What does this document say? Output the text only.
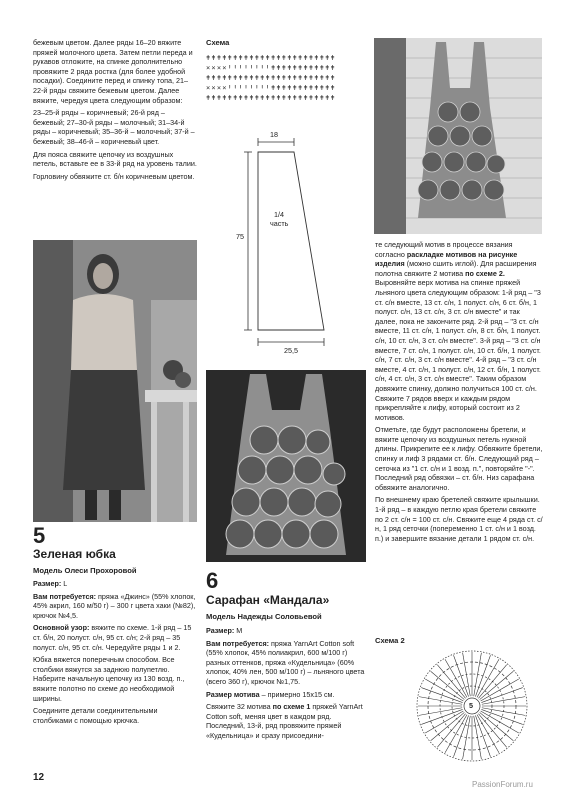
бежевым цветом. Далее ряды 16–20 вяжите пряжей молочного цвета. Затем петли переда и рукавов отложите, на спинке дополнительно провяжите 2 ряда ростка (для более удобной посадки). Соедините перед и спинку топа, 21–22-й ряды свяжите бежевым цветом. Далее вяжите, чередуя цвета следующим образом:

23–25-й ряды – коричневый; 26-й ряд – бежевый; 27–30-й ряды – молочный; 31–34-й ряды – коричневый; 35–36-й – молочный; 37-й – бежевый; 38–46-й – коричневый цвет.

Для пояса свяжите цепочку из воздушных петель, вставьте ее в 33-й ряд на уровень талии.

Горловину обвяжите ст. б/н коричневым цветом.

5
Зеленая юбка
Модель Олеси Прохоровой

Размер: L

Вам потребуется: пряжа «Джинс» (55% хлопок, 45% акрил, 160 м/50 г) – 300 г цвета хаки (№82), крючок №4,5.

Основной узор: вяжите по схеме. 1-й ряд – 15 ст. б/н, 20 полуст. с/н, 95 ст. с/н; 2-й ряд – 35 полуст. с/н, 95 ст. с/н. Чередуйте ряды 1 и 2.

Юбка вяжется поперечным способом. Все столбики вяжутся за заднюю полупетлю. Наберите начальную цепочку из 130 возд. п., вяжите полотно по схеме до необходимой ширины.

Соедините детали соединительными столбиками с помощью крючка.

12
Схема
ǂǂǂǂǂǂǂǂǂǂǂǂǂǂǂǂǂǂǂǂǂǂǂǂ
××××ꞋꞋꞋꞋꞋꞋꞋꞋǂǂǂǂǂǂǂǂǂǂǂǂ
ǂǂǂǂǂǂǂǂǂǂǂǂǂǂǂǂǂǂǂǂǂǂǂǂ
××××ꞋꞋꞋꞋꞋꞋꞋꞋǂǂǂǂǂǂǂǂǂǂǂǂ
ǂǂǂǂǂǂǂǂǂǂǂǂǂǂǂǂǂǂǂǂǂǂǂǂ
18
75
25,5
1/4
часть
6
Сарафан «Мандала»
Модель Надежды Соловьевой

Размер: M

Вам потребуется: пряжа YarnArt Cotton soft (55% хлопок, 45% полиакрил, 600 м/100 г) разных оттенков, пряжа «Кудельница» (60% хлопок, 40% лен, 500 м/100 г) – льняного цвета (всего 360 г), крючок №1,75.

Размер мотива – примерно 15х15 см.

Свяжите 32 мотива по схеме 1 пряжей YarnArt Cotton soft, меняя цвет в каждом ряд. Последний, 13-й, ряд провяжите пряжей «Кудельница» и сразу присоедини-

те следующий мотив в процессе вязания согласно раскладке мотивов на рисунке изделия (можно сшить иглой). Для расширения полотна свяжите 2 мотива по схеме 2. Выровняйте верх мотива на спинке пряжей льняного цвета следующим образом: 1-й ряд – "3 ст. с/н вместе, 13 ст. с/н, 1 полуст. с/н, 6 ст. б/н, 1 полуст. с/н, 13 ст. с/н, 3 ст. с/н вместе" и так далее, пока не закончите ряд. 2-й ряд – "3 ст. с/н вместе, 11 ст. с/н, 1 полуст. с/н, 8 ст. б/н, 1 полуст. с/н, 10 ст. с/н, 3 ст. с/н вместе". 3-й ряд – "3 ст. с/н вместе, 7 ст. с/н, 1 полуст. с/н, 10 ст. б/н, 1 полуст. с/н, 7 ст. с/н, 3 ст. с/н вместе". 4-й ряд – "3 ст. с/н вместе, 4 ст. с/н, 1 полуст. с/н, 12 ст. б/н, 1 полуст. с/н, 4 ст. с/н, 3 ст. с/н вместе". Таким образом довяжите спинку, должно получиться 100 ст. с/н. Свяжите 7 рядов вверх и каждым рядом прикрепляйте к лифу, который состоит из 2 мотивов.

Отметьте, где будут расположены бретели, и вяжите цепочку из воздушных петель нужной длины. Прикрепите ее к лифу. Обвяжите бретели, спинку и лиф 3 рядами ст. б/н. Следующий ряд – сеточка из "1 ст. с/н и 1 возд. п.", повторяйте "-". Последний ряд обвязки – ст. б/н. Низ сарафана обвяжите аналогично.

По внешнему краю бретелей свяжите крылышки. 1-й ряд – в каждую петлю края бретели свяжите по 2 ст. с/н = 100 ст. с/н. Свяжите еще 4 ряда ст. с/н, 1 ряд сеточки (попеременно 1 ст. с/н и 1 возд. п.) и завершите вязание детали 1 рядом ст. с/н.

Схема 2
5
PassionForum.ru
